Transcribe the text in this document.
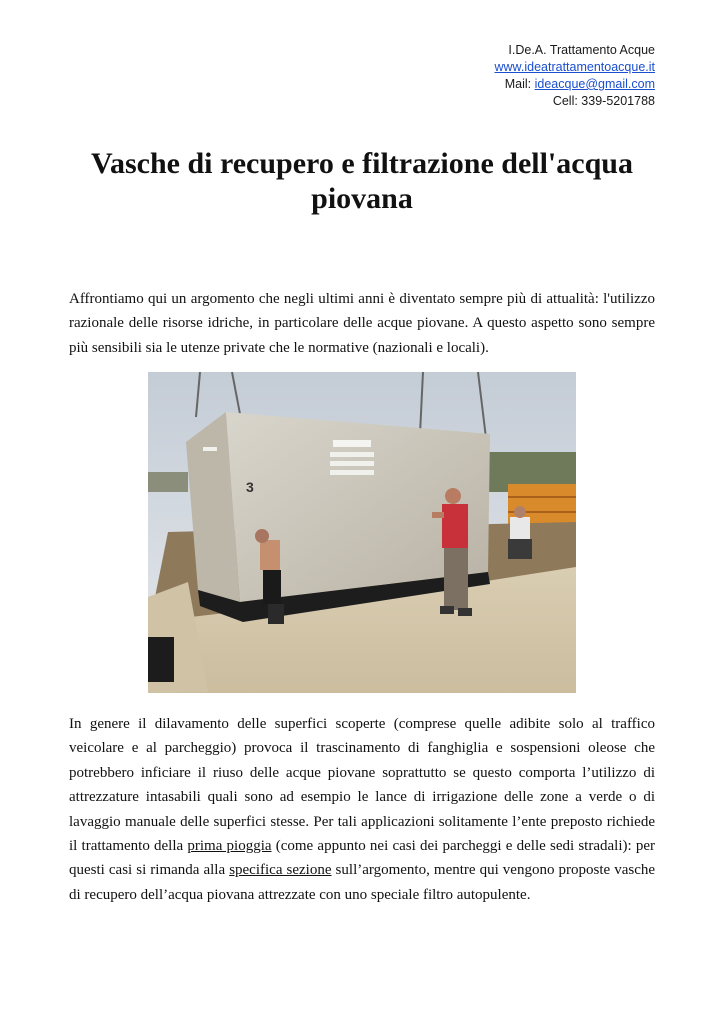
I.De.A. Trattamento Acque
www.ideatrattamentoacque.it
Mail: ideacque@gmail.com
Cell: 339-5201788
Vasche di recupero e filtrazione dell'acqua piovana

Affrontiamo qui un argomento che negli ultimi anni è diventato sempre più di attualità: l'utilizzo razionale delle risorse idriche, in particolare delle acque piovane. A questo aspetto sono sempre più sensibili sia le utenze private che le normative (nazionali e locali).

3

In genere il dilavamento delle superfici scoperte (comprese quelle adibite solo al traffico veicolare e al parcheggio) provoca il trascinamento di fanghiglia e sospensioni oleose che potrebbero inficiare il riuso delle acque piovane soprattutto se questo comporta l’utilizzo di attrezzature intasabili quali sono ad esempio le lance di irrigazione delle zone a verde o di lavaggio manuale delle superfici stesse. Per tali applicazioni solitamente l’ente preposto richiede il trattamento della prima pioggia (come appunto nei casi dei parcheggi e delle sedi stradali): per questi casi si rimanda alla specifica sezione sull’argomento, mentre qui vengono proposte vasche di recupero dell’acqua piovana attrezzate con uno speciale filtro autopulente.
